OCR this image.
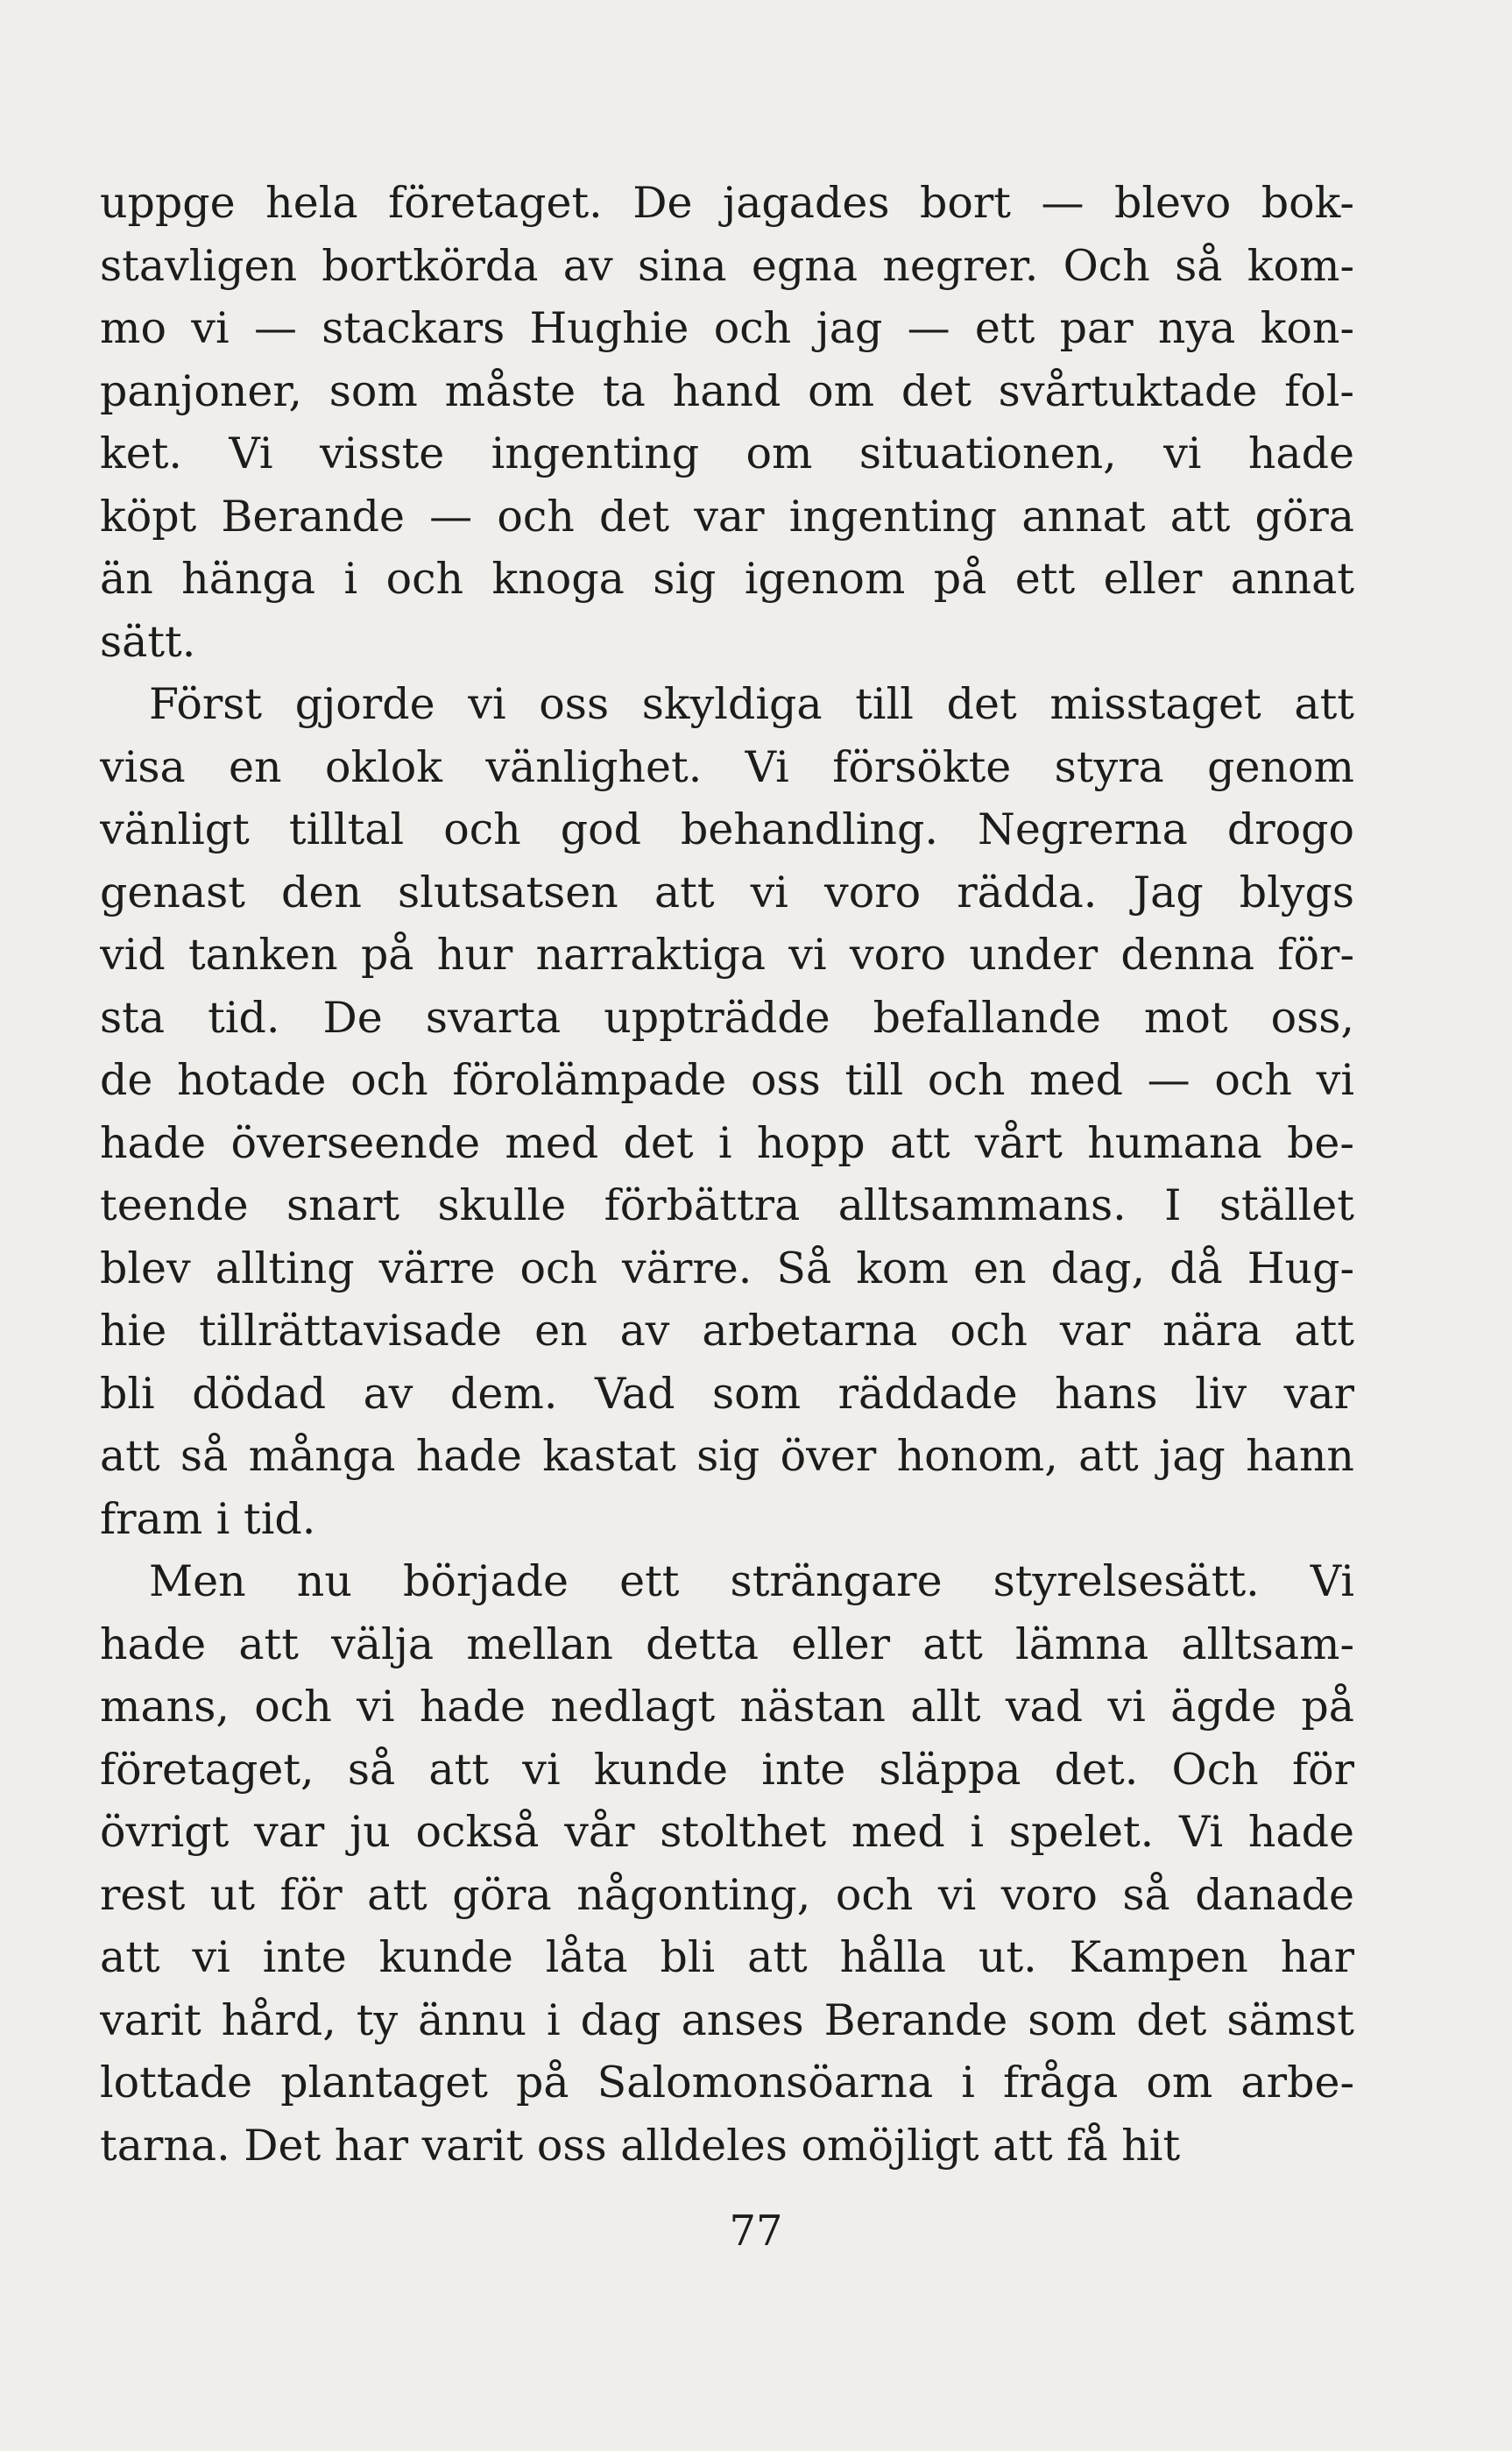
uppge hela företaget. De jagades bort — blevo bok-
stavligen bortkörda av sina egna negrer. Och så kom-
mo vi — stackars Hughie och jag — ett par nya kon-
panjoner, som måste ta hand om det svårtuktade fol-
ket. Vi visste ingenting om situationen, vi hade
köpt Berande — och det var ingenting annat att göra
än hänga i och knoga sig igenom på ett eller annat
sätt.
Först gjorde vi oss skyldiga till det misstaget att
visa en oklok vänlighet. Vi försökte styra genom
vänligt tilltal och god behandling. Negrerna drogo
genast den slutsatsen att vi voro rädda. Jag blygs
vid tanken på hur narraktiga vi voro under denna för-
sta tid. De svarta uppträdde befallande mot oss,
de hotade och förolämpade oss till och med — och vi
hade överseende med det i hopp att vårt humana be-
teende snart skulle förbättra alltsammans. I stället
blev allting värre och värre. Så kom en dag, då Hug-
hie tillrättavisade en av arbetarna och var nära att
bli dödad av dem. Vad som räddade hans liv var
att så många hade kastat sig över honom, att jag hann
fram i tid.
Men nu började ett strängare styrelsesätt. Vi
hade att välja mellan detta eller att lämna alltsam-
mans, och vi hade nedlagt nästan allt vad vi ägde på
företaget, så att vi kunde inte släppa det. Och för
övrigt var ju också vår stolthet med i spelet. Vi hade
rest ut för att göra någonting, och vi voro så danade
att vi inte kunde låta bli att hålla ut. Kampen har
varit hård, ty ännu i dag anses Berande som det sämst
lottade plantaget på Salomonsöarna i fråga om arbe-
tarna. Det har varit oss alldeles omöjligt att få hit
77
